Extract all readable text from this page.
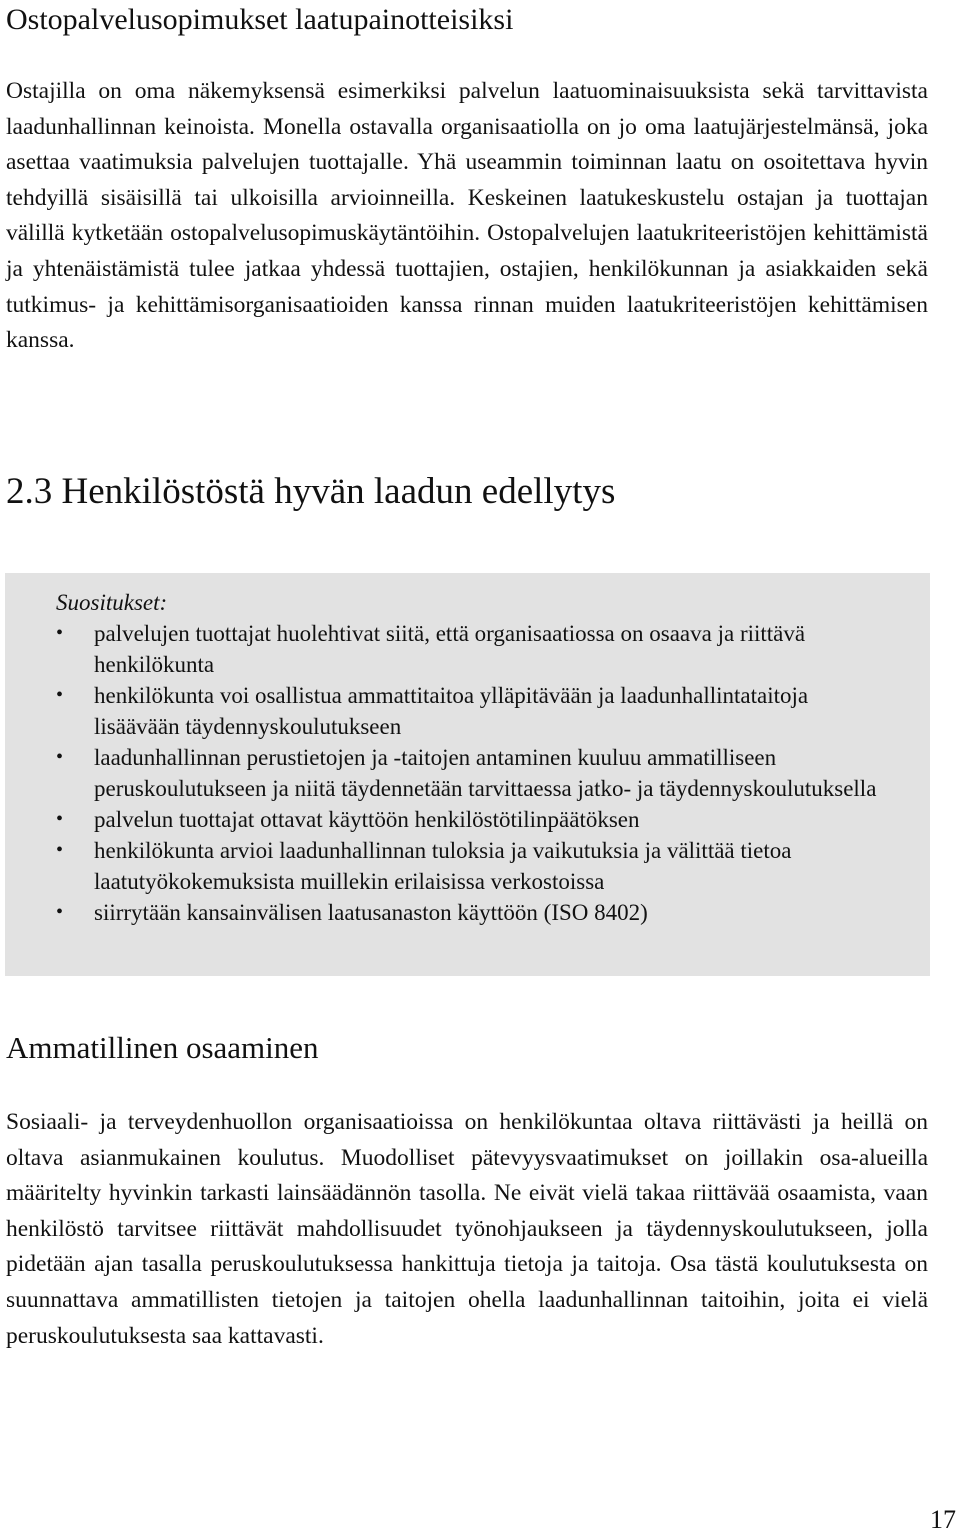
Ostopalvelusopimukset laatupainotteisiksi

Ostajilla on oma näkemyksensä esimerkiksi palvelun laatuominaisuuksista sekä tarvittavista laadunhallinnan keinoista. Monella ostavalla organisaatiolla on jo oma laatujärjestelmänsä, joka asettaa vaatimuksia palvelujen tuottajalle. Yhä useammin toiminnan laatu on osoitettava hyvin tehdyillä sisäisillä tai ulkoisilla arvioinneilla. Keskeinen laatukeskustelu ostajan ja tuottajan välillä kytketään ostopalvelusopimuskäytäntöihin. Ostopalvelujen laatukriteeristöjen kehittämistä ja yhtenäistämistä tulee jatkaa yhdessä tuottajien, ostajien, henkilökunnan ja asiakkaiden sekä tutkimus- ja kehittämisorganisaatioiden kanssa rinnan muiden laatukriteeristöjen kehittämisen kanssa.

2.3 Henkilöstöstä hyvän laadun edellytys

Suositukset:

• palvelujen tuottajat huolehtivat siitä, että organisaatiossa on osaava ja riittävä henkilökunta
• henkilökunta voi osallistua ammattitaitoa ylläpitävään ja laadunhallintataitoja lisäävään täydennyskoulutukseen
• laadunhallinnan perustietojen ja -taitojen antaminen kuuluu ammatilliseen peruskoulutukseen ja niitä täydennetään tarvittaessa jatko- ja täydennyskoulutuksella
• palvelun tuottajat ottavat käyttöön henkilöstötilinpäätöksen
• henkilökunta arvioi laadunhallinnan tuloksia ja vaikutuksia ja välittää tietoa laatutyökokemuksista muillekin erilaisissa verkostoissa
• siirrytään kansainvälisen laatusanaston käyttöön (ISO 8402)
Ammatillinen osaaminen

Sosiaali- ja terveydenhuollon organisaatioissa on henkilökuntaa oltava riittävästi ja heillä on oltava asianmukainen koulutus. Muodolliset pätevyysvaatimukset on joillakin osa-alueilla määritelty hyvinkin tarkasti lainsäädännön tasolla. Ne eivät vielä takaa riittävää osaamista, vaan henkilöstö tarvitsee riittävät mahdollisuudet työnohjaukseen ja täydennyskoulutukseen, jolla pidetään ajan tasalla peruskoulutuksessa hankittuja tietoja ja taitoja. Osa tästä koulutuksesta on suunnattava ammatillisten tietojen ja taitojen ohella laadunhallinnan taitoihin, joita ei vielä peruskoulutuksesta saa kattavasti.

17
